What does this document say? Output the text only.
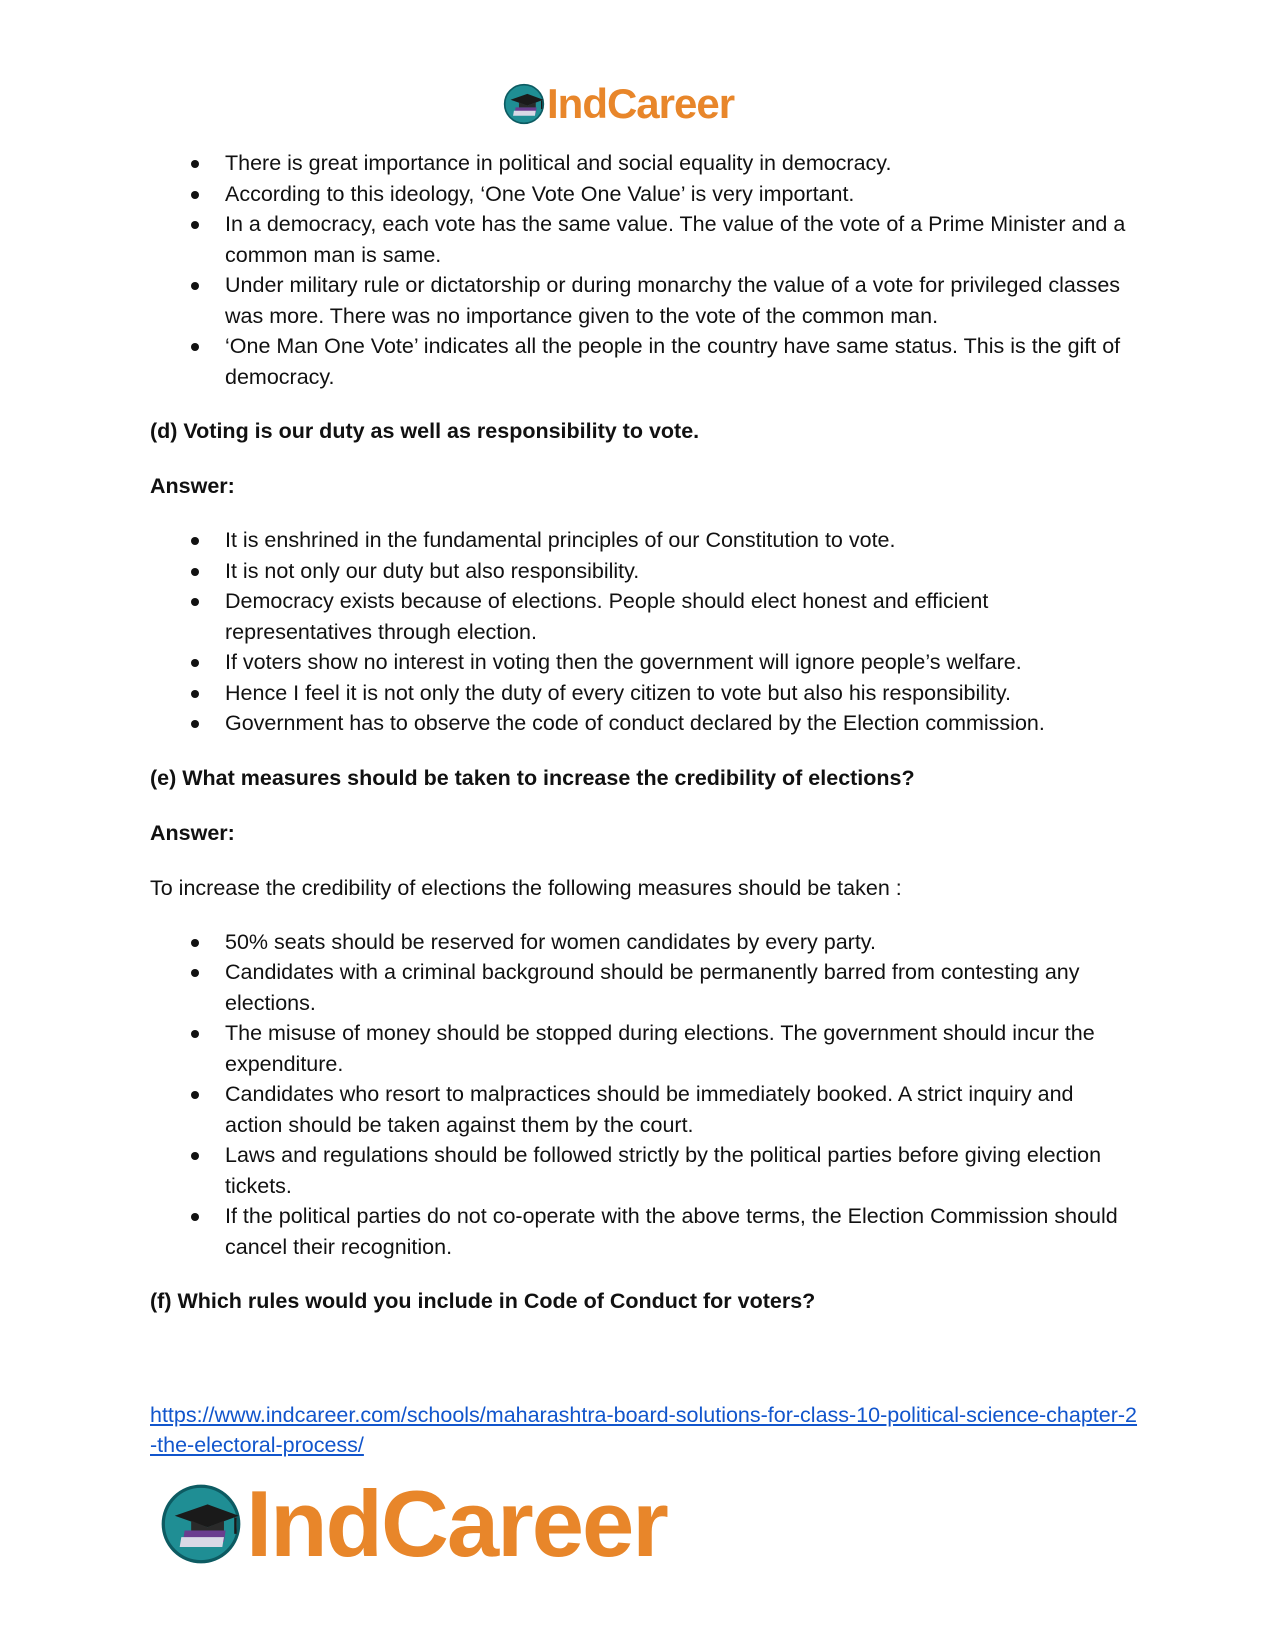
IndCareer
There is great importance in political and social equality in democracy.
According to this ideology, ‘One Vote One Value’ is very important.
In a democracy, each vote has the same value. The value of the vote of a Prime Minister and a common man is same.
Under military rule or dictatorship or during monarchy the value of a vote for privileged classes was more. There was no importance given to the vote of the common man.
‘One Man One Vote’ indicates all the people in the country have same status. This is the gift of democracy.

(d) Voting is our duty as well as responsibility to vote.

Answer:

It is enshrined in the fundamental principles of our Constitution to vote.
It is not only our duty but also responsibility.
Democracy exists because of elections. People should elect honest and efficient representatives through election.
If voters show no interest in voting then the government will ignore people’s welfare.
Hence I feel it is not only the duty of every citizen to vote but also his responsibility.
Government has to observe the code of conduct declared by the Election commission.

(e) What measures should be taken to increase the credibility of elections?

Answer:

To increase the credibility of elections the following measures should be taken :

50% seats should be reserved for women candidates by every party.
Candidates with a criminal background should be permanently barred from contesting any elections.
The misuse of money should be stopped during elections. The government should incur the expenditure.
Candidates who resort to malpractices should be immediately booked. A strict inquiry and action should be taken against them by the court.
Laws and regulations should be followed strictly by the political parties before giving election tickets.
If the political parties do not co-operate with the above terms, the Election Commission should cancel their recognition.

(f) Which rules would you include in Code of Conduct for voters?

https://www.indcareer.com/schools/maharashtra-board-solutions-for-class-10-political-science-chapter-2-the-electoral-process/
IndCareer
